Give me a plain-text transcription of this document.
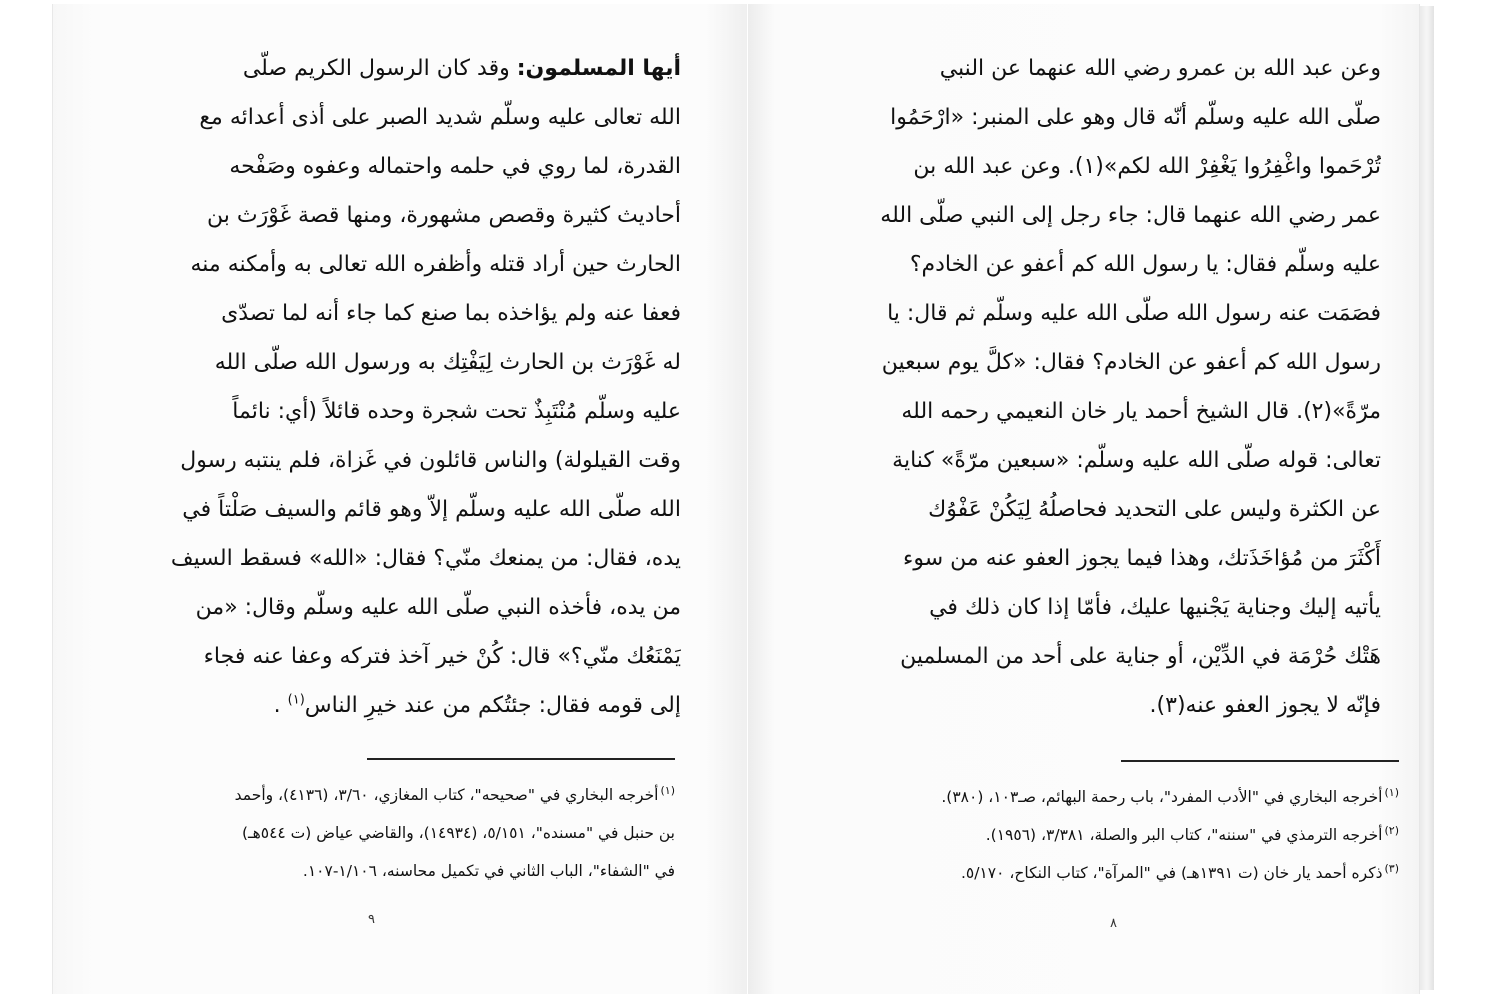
أيها المسلمون: وقد كان الرسول الكريم صلّى
الله تعالى عليه وسلّم شديد الصبر على أذى أعدائه مع
القدرة، لما روي في حلمه واحتماله وعفوه وصَفْحه
أحاديث كثيرة وقصص مشهورة، ومنها قصة غَوْرَث بن
الحارث حين أراد قتله وأظفره الله تعالى به وأمكنه منه
فعفا عنه ولم يؤاخذه بما صنع كما جاء أنه لما تصدّى
له غَوْرَث بن الحارث لِيَفْتِك به ورسول الله صلّى الله
عليه وسلّم مُنْتَبِذٌ تحت شجرة وحده قائلاً (أي: نائماً
وقت القيلولة) والناس قائلون في غَزاة، فلم ينتبه رسول
الله صلّى الله عليه وسلّم إلاّ وهو قائم والسيف صَلْتاً في
يده، فقال: من يمنعك منّي؟ فقال: «الله» فسقط السيف
من يده، فأخذه النبي صلّى الله عليه وسلّم وقال: «من
يَمْنَعُك منّي؟» قال: كُنْ خير آخذ فتركه وعفا عنه فجاء
إلى قومه فقال: جئتُكم من عند خيرِ الناس$^{(١)}$ .
$^{(١)}$أخرجه البخاري في "صحيحه"، كتاب المغازي، ٣/٦٠، (٤١٣٦)، وأحمد
بن حنبل في "مسنده"، ٥/١٥١، (١٤٩٣٤)، والقاضي عياض (ت ٥٤٤هـ)
في "الشفاء"، الباب الثاني في تكميل محاسنه، ١/١٠٦-١٠٧.
٩
وعن عبد الله بن عمرو رضي الله عنهما عن النبي
صلّى الله عليه وسلّم أنّه قال وهو على المنبر: «ارْحَمُوا
تُرْحَموا واغْفِرُوا يَغْفِرْ الله لكم»(١). وعن عبد الله بن
عمر رضي الله عنهما قال: جاء رجل إلى النبي صلّى الله
عليه وسلّم فقال: يا رسول الله كم أعفو عن الخادم؟
فصَمَت عنه رسول الله صلّى الله عليه وسلّم ثم قال: يا
رسول الله كم أعفو عن الخادم؟ فقال: «كلَّ يوم سبعين
مرّةً»(٢). قال الشيخ أحمد يار خان النعيمي رحمه الله
تعالى: قوله صلّى الله عليه وسلّم: «سبعين مرّةً» كناية
عن الكثرة وليس على التحديد فحاصلُهُ لِيَكُنْ عَفْوُك
أَكْثَرَ من مُؤاخَذَتك، وهذا فيما يجوز العفو عنه من سوء
يأتيه إليك وجناية يَجْنيها عليك، فأمّا إذا كان ذلك في
هَتْك حُرْمَة في الدِّيْن، أو جناية على أحد من المسلمين
فإنّه لا يجوز العفو عنه(٣).
$^{(١)}$أخرجه البخاري في "الأدب المفرد"، باب رحمة البهائم، صـ١٠٣، (٣٨٠).
$^{(٢)}$أخرجه الترمذي في "سننه"، كتاب البر والصلة، ٣/٣٨١، (١٩٥٦).
$^{(٣)}$ذكره أحمد يار خان (ت ١٣٩١هـ) في "المرآة"، كتاب النكاح، ٥/١٧٠.
٨
